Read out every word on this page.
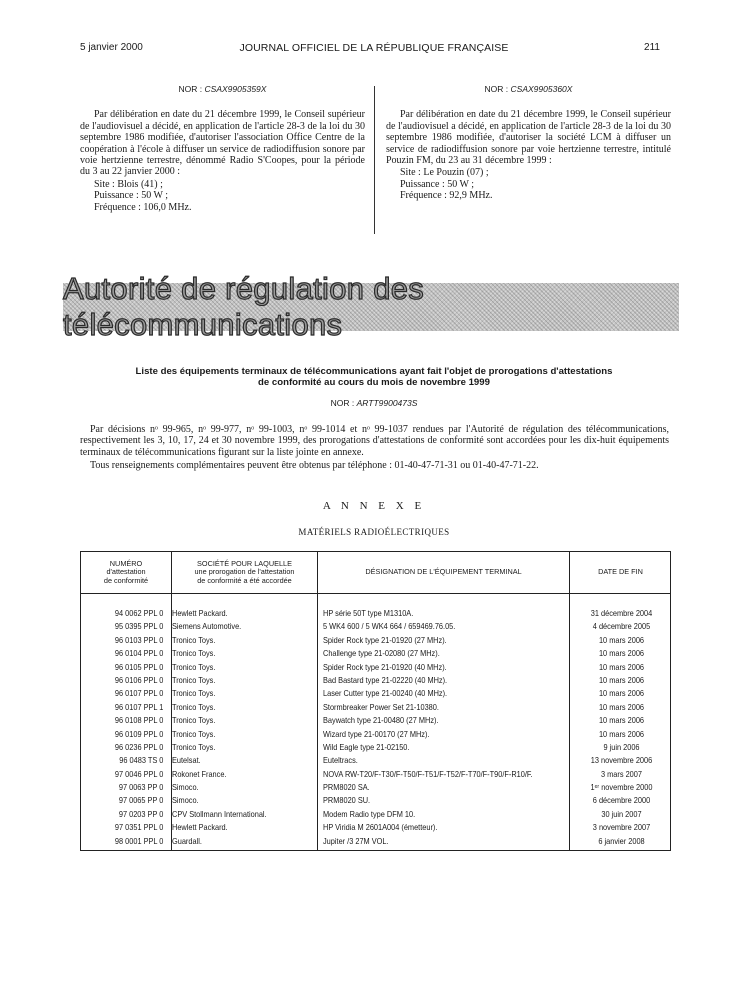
5 janvier 2000	JOURNAL OFFICIEL DE LA RÉPUBLIQUE FRANÇAISE	211
NOR : CSAX9905359X

Par délibération en date du 21 décembre 1999, le Conseil supérieur de l'audiovisuel a décidé, en application de l'article 28-3 de la loi du 30 septembre 1986 modifiée, d'autoriser l'association Office Centre de la coopération à l'école à diffuser un service de radiodiffusion sonore par voie hertzienne terrestre, dénommé Radio S'Coopes, pour la période du 3 au 22 janvier 2000 :

Site : Blois (41) ;

Puissance : 50 W ;

Fréquence : 106,0 MHz.

NOR : CSAX9905360X

Par délibération en date du 21 décembre 1999, le Conseil supérieur de l'audiovisuel a décidé, en application de l'article 28-3 de la loi du 30 septembre 1986 modifiée, d'autoriser la société LCM à diffuser un service de radiodiffusion sonore par voie hertzienne terrestre, intitulé Pouzin FM, du 23 au 31 décembre 1999 :

Site : Le Pouzin (07) ;

Puissance : 50 W ;

Fréquence : 92,9 MHz.

Autorité de régulation des télécommunications
Liste des équipements terminaux de télécommunications ayant fait l'objet de prorogations d'attestations
de conformité au cours du mois de novembre 1999
NOR : ARTT9900473S

Par décisions nᵒ 99-965, nᵒ 99-977, nᵒ 99-1003, nᵒ 99-1014 et nᵒ 99-1037 rendues par l'Autorité de régulation des télécommunications, respectivement les 3, 10, 17, 24 et 30 novembre 1999, des prorogations d'attestations de conformité sont accordées pour les dix-huit équipements terminaux de télécommunications figurant sur la liste jointe en annexe.

Tous renseignements complémentaires peuvent être obtenus par téléphone : 01-40-47-71-31 ou 01-40-47-71-22.

A N N E X E
MATÉRIELS RADIOÉLECTRIQUES
NUMÉRO
d'attestation
de conformité
SOCIÉTÉ POUR LAQUELLE
une prorogation de l'attestation
de conformité a été accordée
DÉSIGNATION DE L'ÉQUIPEMENT TERMINAL	DATE DE FIN
94 0062 PPL 0	Hewlett Packard.	HP série 50T type M1310A.	31 décembre 2004
95 0395 PPL 0	Siemens Automotive.	5 WK4 600 / 5 WK4 664 / 659469.76.05.	4 décembre 2005
96 0103 PPL 0	Tronico Toys.	Spider Rock type 21-01920 (27 MHz).	10 mars 2006
96 0104 PPL 0	Tronico Toys.	Challenge type 21-02080 (27 MHz).	10 mars 2006
96 0105 PPL 0	Tronico Toys.	Spider Rock type 21-01920 (40 MHz).	10 mars 2006
96 0106 PPL 0	Tronico Toys.	Bad Bastard type 21-02220 (40 MHz).	10 mars 2006
96 0107 PPL 0	Tronico Toys.	Laser Cutter type 21-00240 (40 MHz).	10 mars 2006
96 0107 PPL 1	Tronico Toys.	Stormbreaker Power Set 21-10380.	10 mars 2006
96 0108 PPL 0	Tronico Toys.	Baywatch type 21-00480 (27 MHz).	10 mars 2006
96 0109 PPL 0	Tronico Toys.	Wizard type 21-00170 (27 MHz).	10 mars 2006
96 0236 PPL 0	Tronico Toys.	Wild Eagle type 21-02150.	9 juin 2006
96 0483 TS 0	Eutelsat.	Euteltracs.	13 novembre 2006
97 0046 PPL 0	Rokonet France.	NOVA RW-T20/F-T30/F-T50/F-T51/F-T52/F-T70/F-T90/F-R10/F.	3 mars 2007
97 0063 PP 0	Simoco.	PRM8020 SA.	1ᵉʳ novembre 2000
97 0065 PP 0	Simoco.	PRM8020 SU.	6 décembre 2000
97 0203 PP 0	CPV Stollmann International.	Modem Radio type DFM 10.	30 juin 2007
97 0351 PPL 0	Hewlett Packard.	HP Viridia M 2601A004 (émetteur).	3 novembre 2007
98 0001 PPL 0	Guardall.	Jupiter /3 27M VOL.	6 janvier 2008
